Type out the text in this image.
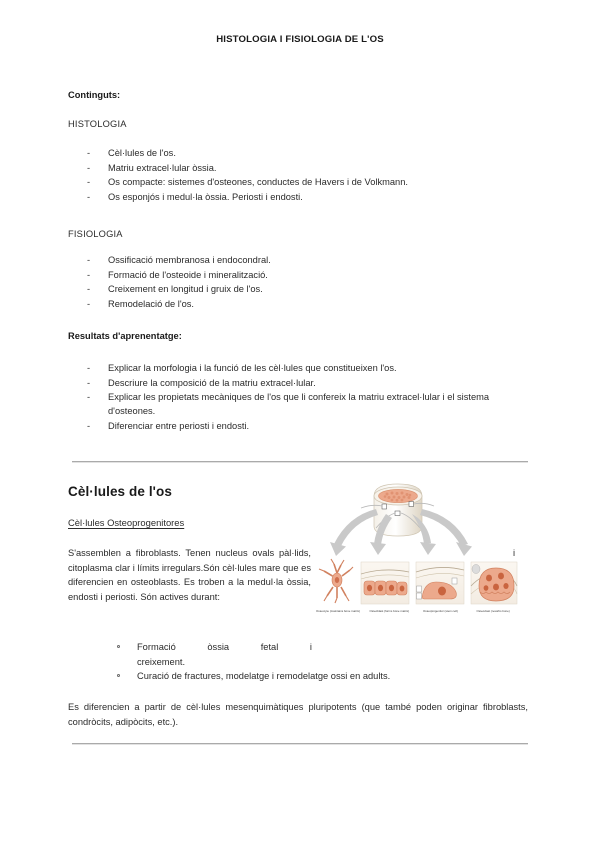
HISTOLOGIA I FISIOLOGIA DE L'OS
Continguts:
HISTOLOGIA
- Cèl·lules de l'os.
- Matriu extracel·lular òssia.
- Os compacte: sistemes d'osteones, conductes de Havers i de Volkmann.
- Os esponjós i medul·la òssia. Periosti i endosti.
FISIOLOGIA
- Ossificació membranosa i endocondral.
- Formació de l'osteoide i mineralització.
- Creixement en longitud i gruix de l'os.
- Remodelació de l'os.
Resultats d'aprenentatge:
- Explicar la morfologia i la funció de les cèl·lules que constitueixen l'os.
- Descriure la composició de la matriu extracel·lular.
- Explicar les propietats mecàniques de l'os que li confereix la matriu extracel·lular i el sistema d'osteones.
- Diferenciar entre periosti i endosti.
Cèl·lules de l'os
Cèl·lules Osteoprogenitores
S'assemblen a fibroblasts. Tenen nucleus ovals pàl·lids, citoplasma clar i límits irregulars.Són cèl·lules mare que es diferencien en osteoblasts. Es troben a la medul·la òssia, endosti i periosti. Són actives durant:
i
Formació òssia fetal i
creixement.
Curació de fractures, modelatge i remodelatge ossi en adults.
Es diferencien a partir de cèl·lules mesenquimàtiques pluripotents (que també poden originar fibroblasts, condròcits, adipòcits, etc.).
Osteocyte (maintains bone matrix)	Osteoblast (forms bone matrix)	Osteoprogenitor (stem cell)	Osteoclast (resorbs bone)
